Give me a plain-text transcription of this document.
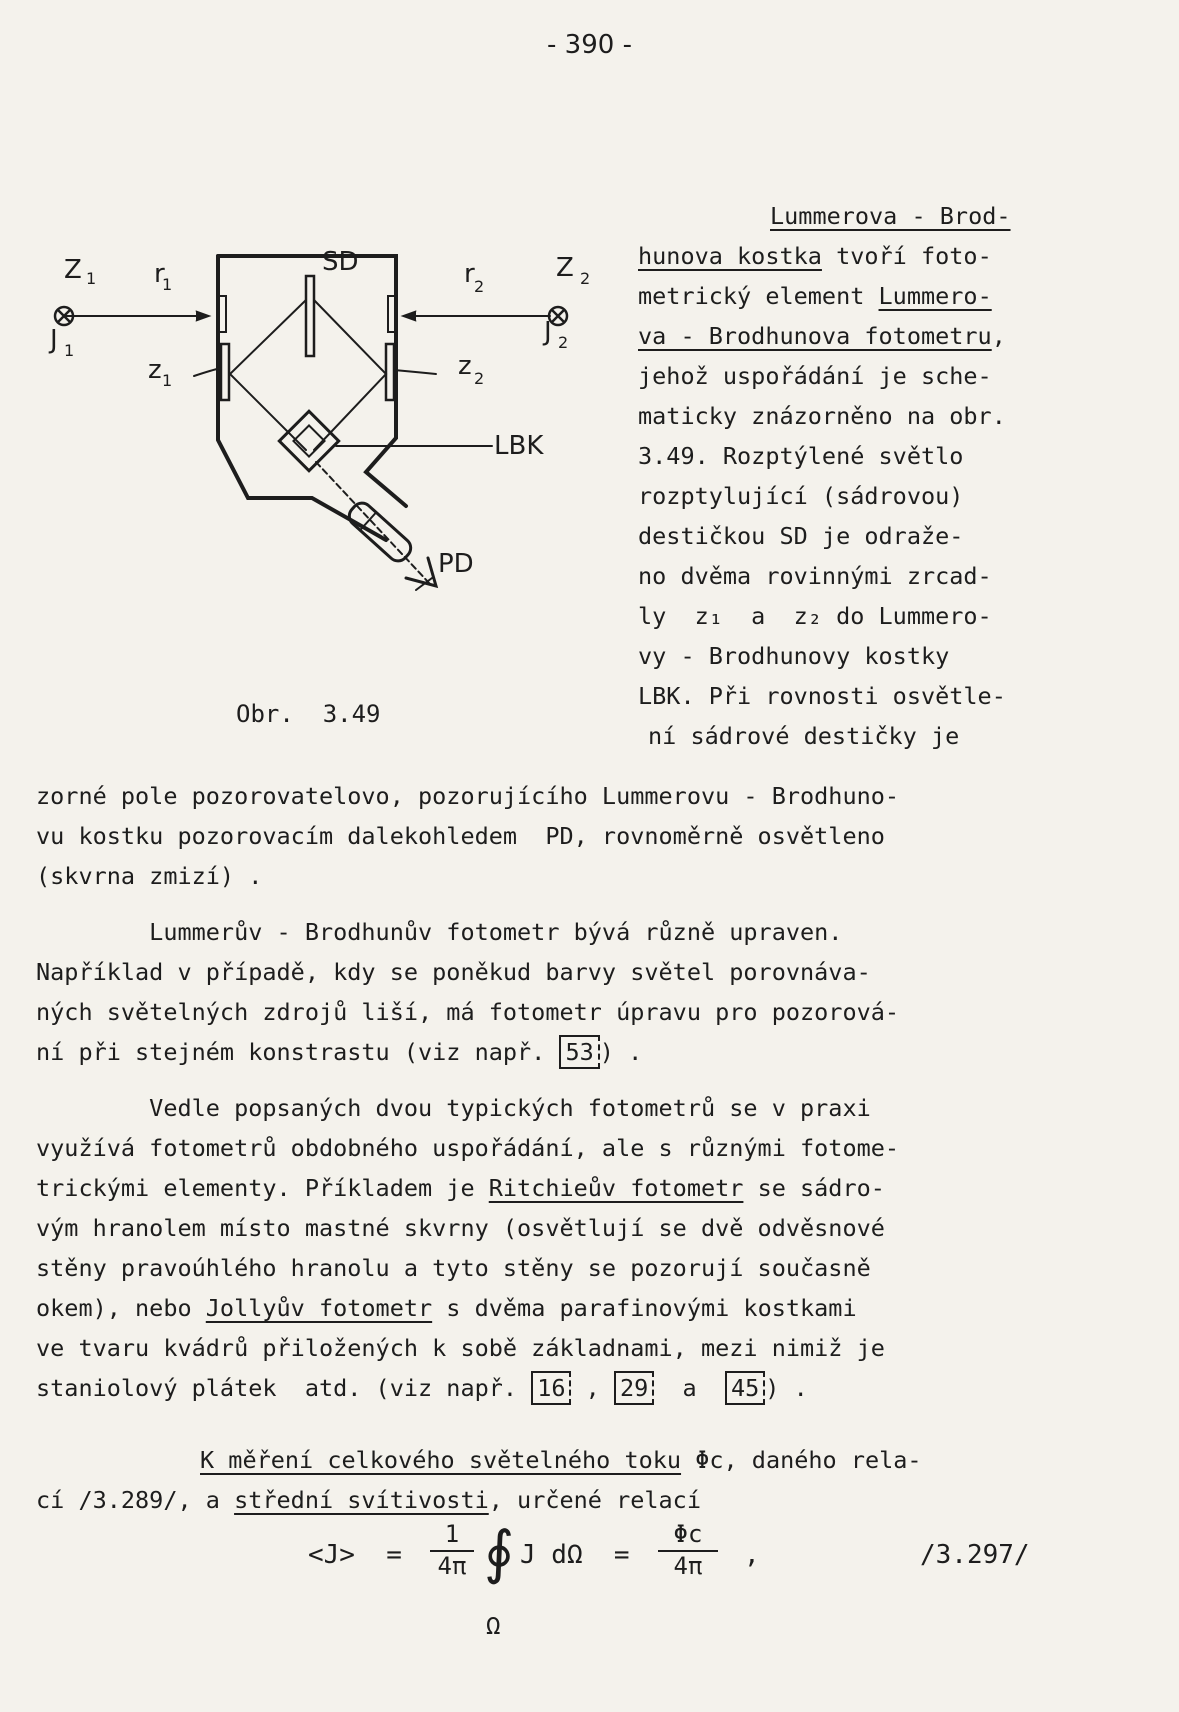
- 390 -
Z 1
J 1
r
1
SD	r 2
Z 2
J 2
z 1	z 2
LBK
PD
Obr.  3.49
Lummerova - Brod-
hunova kostka tvoří foto-
metrický element Lummero-
va - Brodhunova fotometru,
jehož uspořádání je sche-
maticky znázorněno na obr.
3.49. Rozptýlené světlo
rozptylující (sádrovou)
destičkou SD je odraže-
no dvěma rovinnými zrcad-
ly  z₁  a  z₂ do Lummero-
vy - Brodhunovy kostky
LBK. Při rovnosti osvětle-
ní sádrové destičky je
zorné pole pozorovatelovo, pozorujícího Lummerovu - Brodhuno-
vu kostku pozorovacím dalekohledem  PD, rovnoměrně osvětleno
(skvrna zmizí) .
Lummerův - Brodhunův fotometr bývá různě upraven.
Například v případě, kdy se poněkud barvy světel porovnáva-
ných světelných zdrojů liší, má fotometr úpravu pro pozorová-
ní při stejném konstrastu (viz např. 53 ) .
Vedle popsaných dvou typických fotometrů se v praxi
využívá fotometrů obdobného uspořádání, ale s různými fotome-
trickými elementy. Příkladem je Ritchieův fotometr se sádro-
vým hranolem místo mastné skvrny (osvětlují se dvě odvěsnové
stěny pravoúhlého hranolu a tyto stěny se pozorují současně
okem), nebo Jollyův fotometr s dvěma parafinovými kostkami
ve tvaru kvádrů přiložených k sobě základnami, mezi nimiž je
staniolový plátek  atd. (viz např. 16 , 29  a  45 ) .
K měření celkového světelného toku Φc, daného rela-
cí /3.289/, a střední svítivosti, určené relací
$<J> = \frac{1}{4\pi}$ ∮
Ω
J $d\Omega = \frac{\Phi c}{4\pi}$ ,	/3.297/
